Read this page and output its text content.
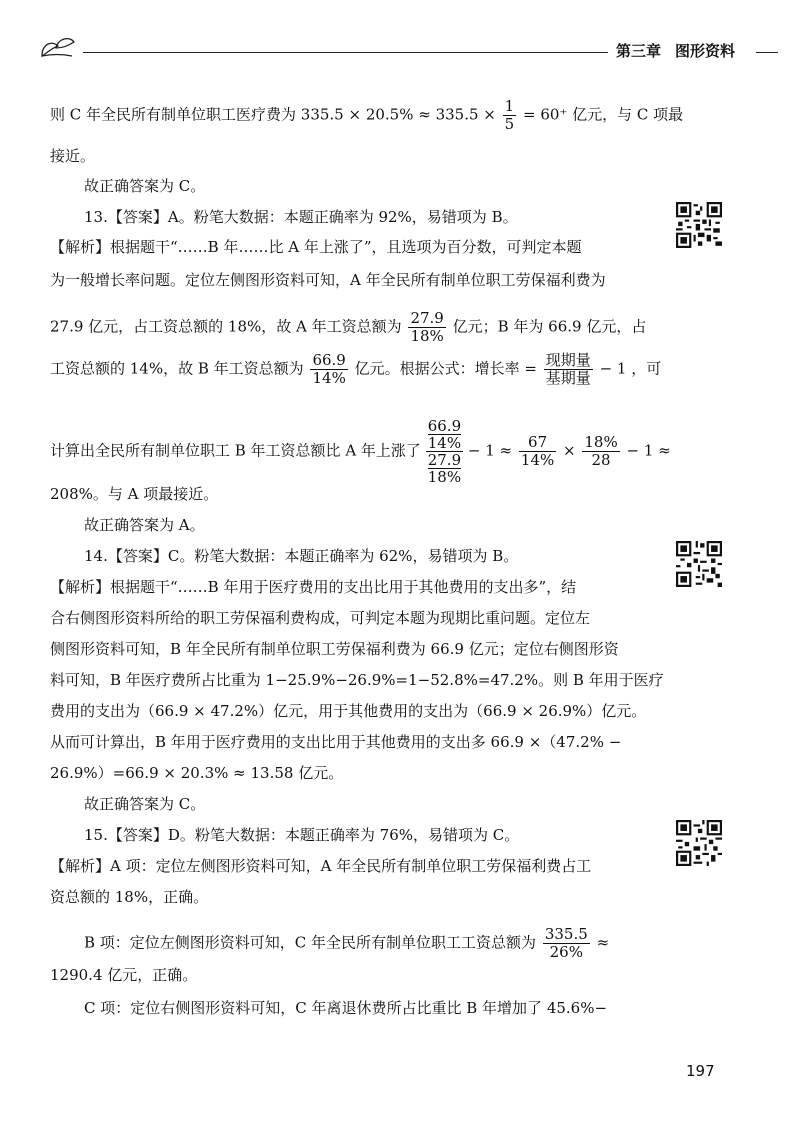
第三章 图形资料
则 C 年全民所有制单位职工医疗费为 $335.5 \times 20.5\% \approx 335.5 \times \frac{1}{5} = 60^+$ 亿元，与 C 项最
接近。
故正确答案为 C。
13.【答案】A。粉笔大数据：本题正确率为 92%，易错项为 B。
【解析】根据题干“……B 年……比 A 年上涨了”，且选项为百分数，可判定本题
为一般增长率问题。定位左侧图形资料可知，A 年全民所有制单位职工劳保福利费为
27.9 亿元，占工资总额的 18%，故 A 年工资总额为 $\frac{27.9}{18\%}$ 亿元；B 年为 66.9 亿元，占
工资总额的 14%，故 B 年工资总额为 $\frac{66.9}{14\%}$ 亿元。根据公式：增长率 = $\frac{\text{现期量}}{\text{基期量}} - 1$ ，可
计算出全民所有制单位职工 B 年工资总额比 A 年上涨了
66.9
14%
27.9
18%
− $1 \approx \frac{67}{14\%} \times \frac{18\%}{28} - 1$ ≈
208%。与 A 项最接近。
故正确答案为 A。
14.【答案】C。粉笔大数据：本题正确率为 62%，易错项为 B。
【解析】根据题干“……B 年用于医疗费用的支出比用于其他费用的支出多”，结
合右侧图形资料所给的职工劳保福利费构成，可判定本题为现期比重问题。定位左
侧图形资料可知，B 年全民所有制单位职工劳保福利费为 66.9 亿元；定位右侧图形资
料可知，B 年医疗费所占比重为 1−25.9%−26.9%=1−52.8%=47.2%。则 B 年用于医疗
费用的支出为（66.9 × 47.2%）亿元，用于其他费用的支出为（66.9 × 26.9%）亿元。
从而可计算出，B 年用于医疗费用的支出比用于其他费用的支出多 66.9 ×（47.2% −
26.9%）=66.9 × 20.3% ≈ 13.58 亿元。
故正确答案为 C。
15.【答案】D。粉笔大数据：本题正确率为 76%，易错项为 C。
【解析】A 项：定位左侧图形资料可知，A 年全民所有制单位职工劳保福利费占工
资总额的 18%，正确。
B 项：定位左侧图形资料可知，C 年全民所有制单位职工工资总额为 $\frac{335.5}{26\%}$ ≈
1290.4 亿元，正确。
C 项：定位右侧图形资料可知，C 年离退休费所占比重比 B 年增加了 45.6%−
197
